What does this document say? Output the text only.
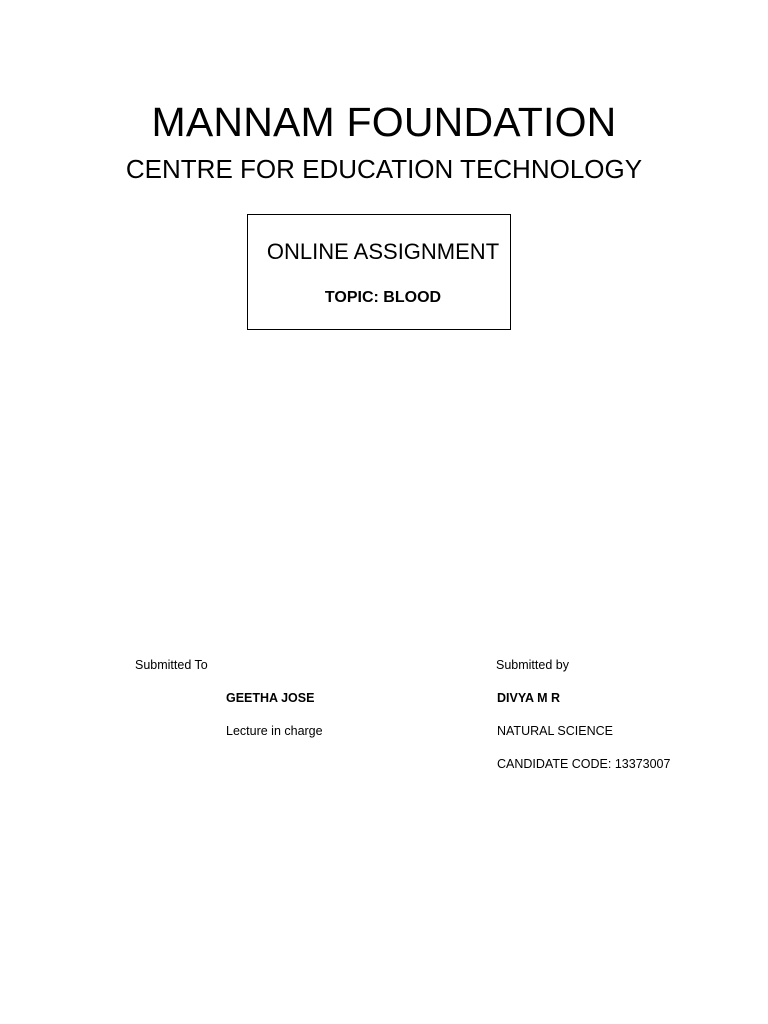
MANNAM FOUNDATION
CENTRE FOR EDUCATION TECHNOLOGY
ONLINE ASSIGNMENT
TOPIC: BLOOD
Submitted To
GEETHA JOSE
Lecture in charge
Submitted by
DIVYA M R
NATURAL SCIENCE
CANDIDATE CODE: 13373007
